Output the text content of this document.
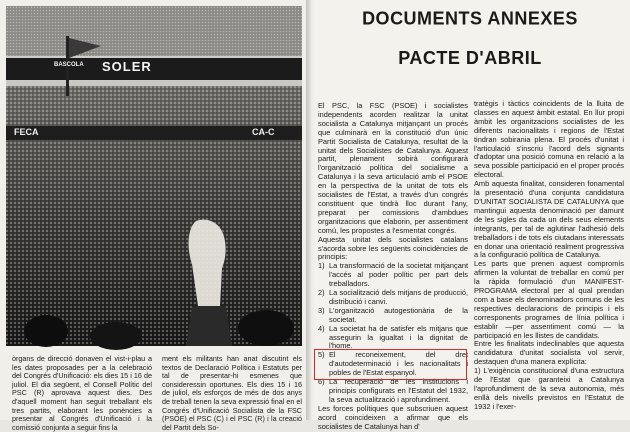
BASCOLA SOLER
FECA	CA-C
òrgans de direcció donaven el vist-i-plau a les dates proposades per a la celebració del Congrés d'Unificació: els dies 15 i 16 de juliol. El dia següent, el Consell Polític del PSC (R) aprovava aquest dies. Des d'aquell moment han seguit treballant els tres partits, elaborant les ponències a presentar al Congrés d'Unificació i la comissió conjunta a seguir fins la
ment els militants han anat discutint els textos de Declaració Política i Estatuts per tal de presentar-hi esmenes que consideressin oportunes. Els dies 15 i 16 de juliol, els esforços de més de dos anys de treball tenen la seva expressió final en el Congrés d'Unificació Socialista de la FSC (PSOE) el PSC (C) i el PSC (R) i la creació del Partit dels So-
DOCUMENTS ANNEXES
PACTE D'ABRIL

El PSC, la FSC (PSOE) i socialistes independents acorden realitzar la unitat socialista a Catalunya mitjançant un procés que culminarà en la constitució d'un únic Partit Socialista de Catalunya, resultat de la unitat dels Socialistes de Catalunya. Aquest partit, plenament sobirà configurarà l'organització política del socialisme a Catalunya i la seva articulació amb el PSOE en la perspectiva de la unitat de tots els socialistes de l'Estat, a través d'un congrés constituent que tindrà lloc durant l'any, preparat per comissions d'ambdues organitzacions que elaborin, per assentiment comú, les propostes a l'esmentat congrés.

Aquesta unitat dels socialistes catalans s'acorda sobre les següents coincidències de principis:

1) La transformació de la societat mitjançant l'accés al poder polític per part dels treballadors.
2) La socialització dels mitjans de producció, distribució i canvi.
3) L'organització autogestionària de la societat.
4) La societat ha de satisfer els mitjans que assegurin la igualtat i la dignitat de l'home.
5) El reconeixement, del dret d'autodeterminació i les nacionalitats i pobles de l'Estat espanyol.
6) La recuperació de les institucions i principis configurats en l'Estatut del 1932, la seva actualització i aprofundiment.

Les forces polítiques que subscriuen aquest acord coincideixen a afirmar que els socialistes de Catalunya han d'

tratègis i tàctics coincidents de la lluita de classes en aquest àmbit estatal. En llur propi àmbit les organitzacions socialistes de les diferents nacionalitats i regions de l'Estat tindran sobirania plena. El procés d'unitat i l'articulació s'inscriu l'acord dels signants d'adoptar una posició comuna en relació a la seva possible participació en el proper procés electoral.

Amb aquesta finalitat, consideren fonamental la presentació d'una conjunta candidatura D'UNITAT SOCIALISTA DE CATALUNYA que mantingui aquesta denominació per damunt de les sigles da cada un dels seus elements integrants, per tal de aglutinar l'adhesió dels treballadors i de tots els ciutadans interessats en donar una orientació realment progressiva a la configuració política de Catalunya.

Les parts que prenen aquest compromís afirmen la voluntat de treballar en comú per la ràpida formulació d'un MANIFEST-PROGRAMA electoral per al qual prendan com a base els denominadors comuns de les respectives declaracions de principis i els corresponents programes de línia política i establir —per assentiment comú — la participació en les llistes de candidats.

Entre les finalitats indeclinables que aquesta candidatura d'unitat socialista vol servir, destaquen d'una manera explícita:

1) L'exigència constitucional d'una estructura de l'Estat que garanteixi a Catalunya l'aprofundiment de la seva autonomia, més enllà dels nivells previstos en l'Estatut de 1932 i l'exer-
